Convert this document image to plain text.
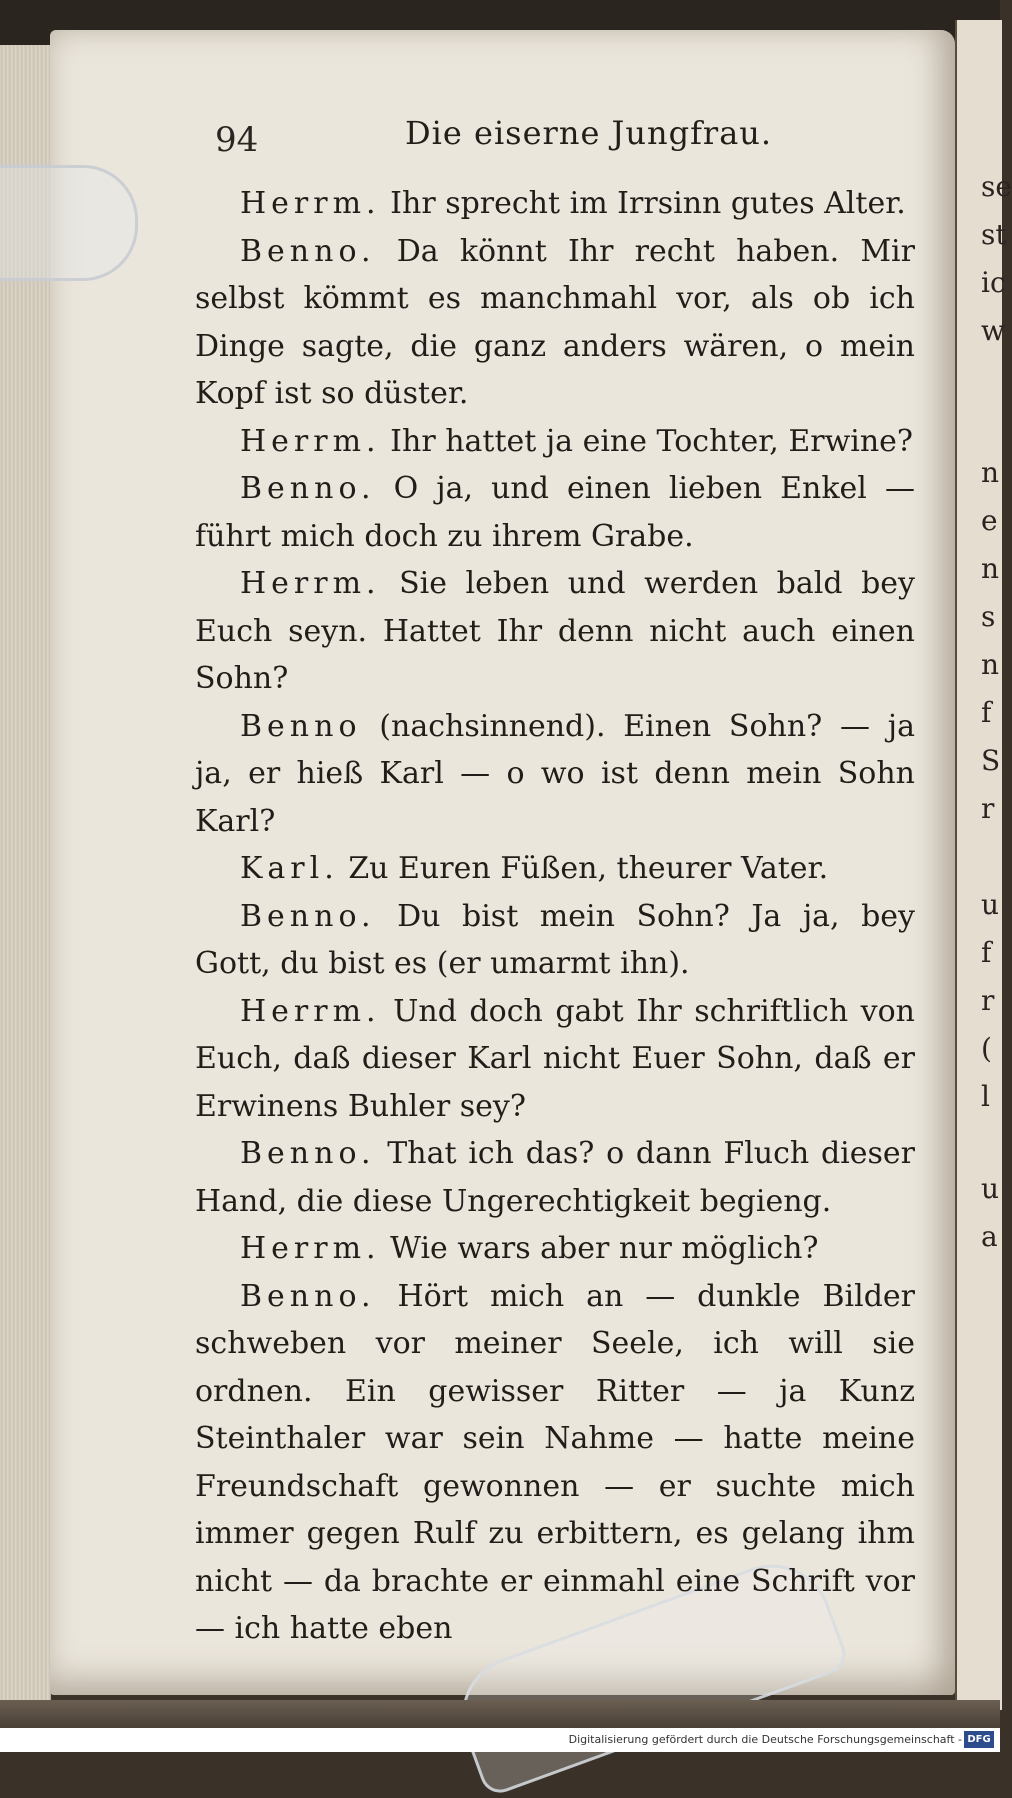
se
st
ic
w
n
e
n
s
n
f
S
r
u
f
r
(
l
u
a
94	Die eiserne Jungfrau.

Herrm. Ihr sprecht im Irrsinn gutes Alter.

Benno. Da könnt Ihr recht haben. Mir selbst kömmt es manchmahl vor, als ob ich Dinge sagte, die ganz anders wären, o mein Kopf ist so düster.

Herrm. Ihr hattet ja eine Tochter, Erwine?

Benno. O ja, und einen lieben Enkel — führt mich doch zu ihrem Grabe.

Herrm. Sie leben und werden bald bey Euch seyn. Hattet Ihr denn nicht auch einen Sohn?

Benno (nachsinnend). Einen Sohn? — ja ja, er hieß Karl — o wo ist denn mein Sohn Karl?

Karl. Zu Euren Füßen, theurer Vater.

Benno. Du bist mein Sohn? Ja ja, bey Gott, du bist es (er umarmt ihn).

Herrm. Und doch gabt Ihr schriftlich von Euch, daß dieser Karl nicht Euer Sohn, daß er Erwinens Buhler sey?

Benno. That ich das? o dann Fluch dieser Hand, die diese Ungerechtigkeit begieng.

Herrm. Wie wars aber nur möglich?

Benno. Hört mich an — dunkle Bilder schweben vor meiner Seele, ich will sie ordnen. Ein gewisser Ritter — ja Kunz Steinthaler war sein Nahme — hatte meine Freundschaft gewonnen — er suchte mich immer gegen Rulf zu erbittern, es gelang ihm nicht — da brachte er einmahl eine Schrift vor — ich hatte eben

Digitalisierung gefördert durch die Deutsche Forschungsgemeinschaft - DFG
